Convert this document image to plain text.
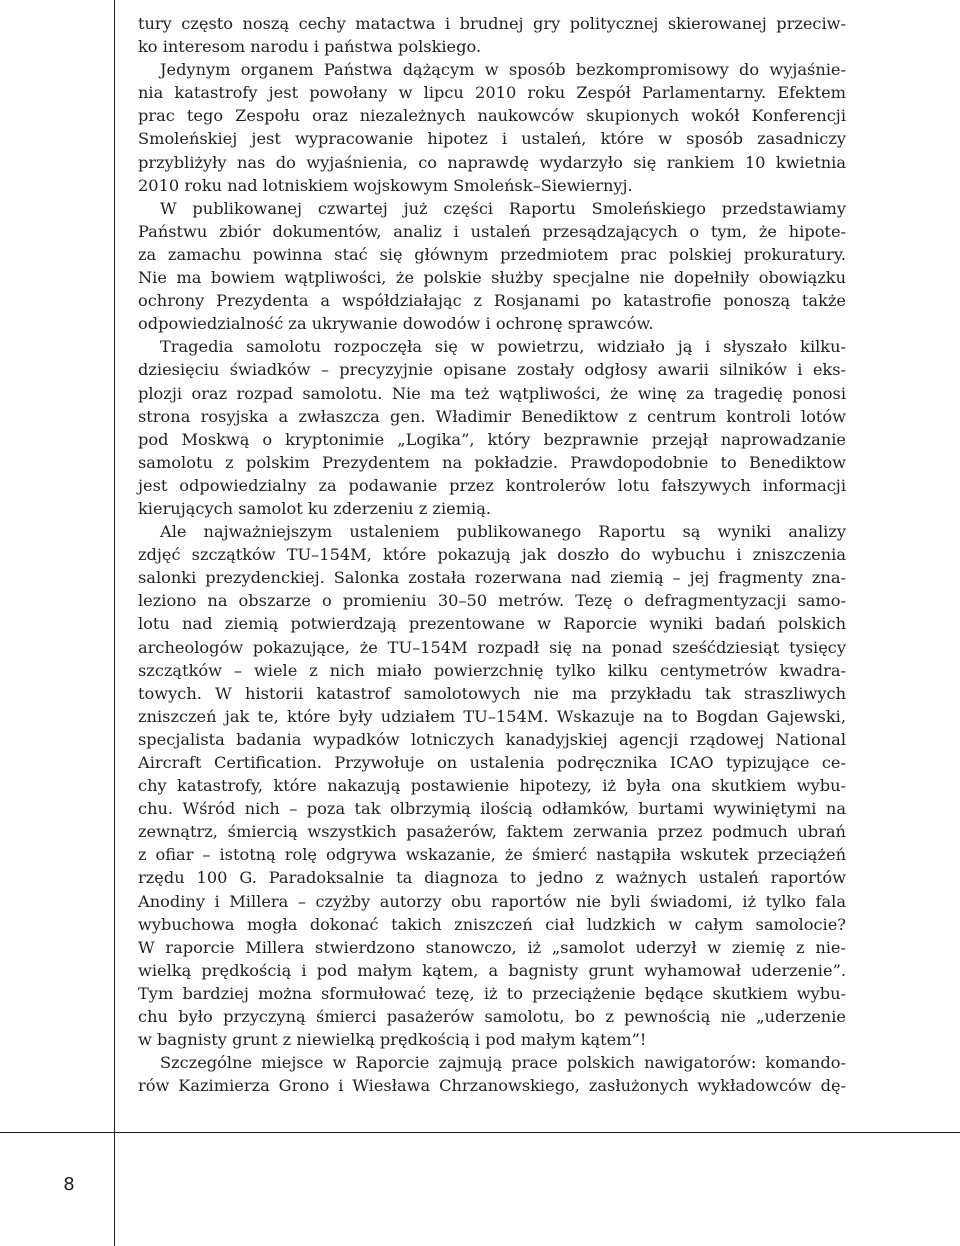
tury często noszą cechy matactwa i brudnej gry politycznej skierowanej przeciw-
ko interesom narodu i państwa polskiego.
Jedynym organem Państwa dążącym w sposób bezkompromisowy do wyjaśnie-
nia katastrofy jest powołany w lipcu 2010 roku Zespół Parlamentarny. Efektem
prac tego Zespołu oraz niezależnych naukowców skupionych wokół Konferencji
Smoleńskiej jest wypracowanie hipotez i ustaleń, które w sposób zasadniczy
przybliżyły nas do wyjaśnienia, co naprawdę wydarzyło się rankiem 10 kwietnia
2010 roku nad lotniskiem wojskowym Smoleńsk–Siewiernyj.
W publikowanej czwartej już części Raportu Smoleńskiego przedstawiamy
Państwu zbiór dokumentów, analiz i ustaleń przesądzających o tym, że hipote-
za zamachu powinna stać się głównym przedmiotem prac polskiej prokuratury.
Nie ma bowiem wątpliwości, że polskie służby specjalne nie dopełniły obowiązku
ochrony Prezydenta a współdziałając z Rosjanami po katastrofie ponoszą także
odpowiedzialność za ukrywanie dowodów i ochronę sprawców.
Tragedia samolotu rozpoczęła się w powietrzu, widziało ją i słyszało kilku-
dziesięciu świadków – precyzyjnie opisane zostały odgłosy awarii silników i eks-
plozji oraz rozpad samolotu. Nie ma też wątpliwości, że winę za tragedię ponosi
strona rosyjska a zwłaszcza gen. Władimir Benediktow z centrum kontroli lotów
pod Moskwą o kryptonimie „Logika”, który bezprawnie przejął naprowadzanie
samolotu z polskim Prezydentem na pokładzie. Prawdopodobnie to Benediktow
jest odpowiedzialny za podawanie przez kontrolerów lotu fałszywych informacji
kierujących samolot ku zderzeniu z ziemią.
Ale najważniejszym ustaleniem publikowanego Raportu są wyniki analizy
zdjęć szczątków TU–154M, które pokazują jak doszło do wybuchu i zniszczenia
salonki prezydenckiej. Salonka została rozerwana nad ziemią – jej fragmenty zna-
leziono na obszarze o promieniu 30–50 metrów. Tezę o defragmentyzacji samo-
lotu nad ziemią potwierdzają prezentowane w Raporcie wyniki badań polskich
archeologów pokazujące, że TU–154M rozpadł się na ponad sześćdziesiąt tysięcy
szczątków – wiele z nich miało powierzchnię tylko kilku centymetrów kwadra-
towych. W historii katastrof samolotowych nie ma przykładu tak straszliwych
zniszczeń jak te, które były udziałem TU–154M. Wskazuje na to Bogdan Gajewski,
specjalista badania wypadków lotniczych kanadyjskiej agencji rządowej National
Aircraft Certification. Przywołuje on ustalenia podręcznika ICAO typizujące ce-
chy katastrofy, które nakazują postawienie hipotezy, iż była ona skutkiem wybu-
chu. Wśród nich – poza tak olbrzymią ilością odłamków, burtami wywiniętymi na
zewnątrz, śmiercią wszystkich pasażerów, faktem zerwania przez podmuch ubrań
z ofiar – istotną rolę odgrywa wskazanie, że śmierć nastąpiła wskutek przeciążeń
rzędu 100 G. Paradoksalnie ta diagnoza to jedno z ważnych ustaleń raportów
Anodiny i Millera – czyżby autorzy obu raportów nie byli świadomi, iż tylko fala
wybuchowa mogła dokonać takich zniszczeń ciał ludzkich w całym samolocie?
W raporcie Millera stwierdzono stanowczo, iż „samolot uderzył w ziemię z nie-
wielką prędkością i pod małym kątem, a bagnisty grunt wyhamował uderzenie”.
Tym bardziej można sformułować tezę, iż to przeciążenie będące skutkiem wybu-
chu było przyczyną śmierci pasażerów samolotu, bo z pewnością nie „uderzenie
w bagnisty grunt z niewielką prędkością i pod małym kątem”!
Szczególne miejsce w Raporcie zajmują prace polskich nawigatorów: komando-
rów Kazimierza Grono i Wiesława Chrzanowskiego, zasłużonych wykładowców dę-
8
